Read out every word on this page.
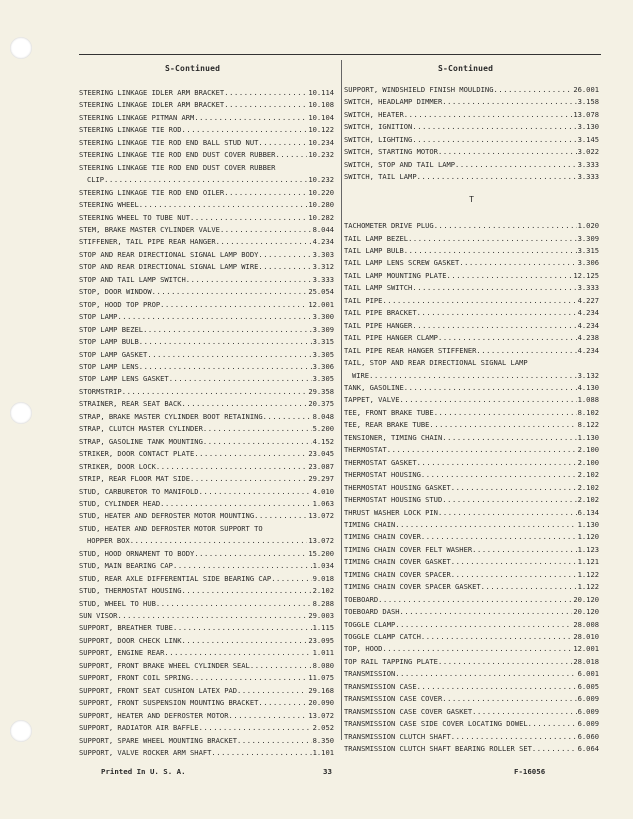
S-Continued	S-Continued
STEERING LINKAGE IDLER ARM BRACKET .....	10.114
STEERING LINKAGE IDLER ARM BRACKET .....	10.108
STEERING LINKAGE PITMAN ARM .....	10.104
STEERING LINKAGE TIE ROD .....	10.122
STEERING LINKAGE TIE ROD END BALL STUD NUT .....	10.234
STEERING LINKAGE TIE ROD END DUST COVER RUBBER .....	10.232
STEERING LINKAGE TIE ROD END DUST COVER RUBBER
CLIP .....	10.232
STEERING LINKAGE TIE ROD END OILER .....	10.220
STEERING WHEEL .....	10.280
STEERING WHEEL TO TUBE NUT .....	10.282
STEM, BRAKE MASTER CYLINDER VALVE .....	8.044
STIFFENER, TAIL PIPE REAR HANGER .....	4.234
STOP AND REAR DIRECTIONAL SIGNAL LAMP BODY .....	3.303
STOP AND REAR DIRECTIONAL SIGNAL LAMP WIRE .....	3.312
STOP AND TAIL LAMP SWITCH .....	3.333
STOP, DOOR WINDOW .....	25.054
STOP, HOOD TOP PROP .....	12.001
STOP LAMP .....	3.300
STOP LAMP BEZEL .....	3.309
STOP LAMP BULB .....	3.315
STOP LAMP GASKET .....	3.305
STOP LAMP LENS .....	3.306
STOP LAMP LENS GASKET .....	3.305
STORMSTRIP .....	29.358
STRAINER, REAR SEAT BACK .....	20.375
STRAP, BRAKE MASTER CYLINDER BOOT RETAINING .....	8.048
STRAP, CLUTCH MASTER CYLINDER .....	5.200
STRAP, GASOLINE TANK MOUNTING .....	4.152
STRIKER, DOOR CONTACT PLATE .....	23.045
STRIKER, DOOR LOCK .....	23.087
STRIP, REAR FLOOR MAT SIDE .....	29.297
STUD, CARBURETOR TO MANIFOLD .....	4.010
STUD, CYLINDER HEAD .....	1.063
STUD, HEATER AND DEFROSTER MOTOR MOUNTING .....	13.072
STUD, HEATER AND DEFROSTER MOTOR SUPPORT TO
HOPPER BOX .....	13.072
STUD, HOOD ORNAMENT TO BODY .....	15.200
STUD, MAIN BEARING CAP .....	1.034
STUD, REAR AXLE DIFFERENTIAL SIDE BEARING CAP .....	9.018
STUD, THERMOSTAT HOUSING .....	2.102
STUD, WHEEL TO HUB .....	8.288
SUN VISOR .....	29.003
SUPPORT, BREATHER TUBE .....	1.115
SUPPORT, DOOR CHECK LINK .....	23.095
SUPPORT, ENGINE REAR .....	1.011
SUPPORT, FRONT BRAKE WHEEL CYLINDER SEAL .....	8.080
SUPPORT, FRONT COIL SPRING .....	11.075
SUPPORT, FRONT SEAT CUSHION LATEX PAD .....	29.168
SUPPORT, FRONT SUSPENSION MOUNTING BRACKET .....	20.090
SUPPORT, HEATER AND DEFROSTER MOTOR .....	13.072
SUPPORT, RADIATOR AIR BAFFLE .....	2.052
SUPPORT, SPARE WHEEL MOUNTING BRACKET .....	8.350
SUPPORT, VALVE ROCKER ARM SHAFT .....	1.101
SUPPORT, WINDSHIELD FINISH MOULDING .....	26.001
SWITCH, HEADLAMP DIMMER .....	3.158
SWITCH, HEATER .....	13.078
SWITCH, IGNITION .....	3.130
SWITCH, LIGHTING .....	3.145
SWITCH, STARTING MOTOR .....	3.022
SWITCH, STOP AND TAIL LAMP .....	3.333
SWITCH, TAIL LAMP .....	3.333
T
TACHOMETER DRIVE PLUG .....	1.020
TAIL LAMP BEZEL .....	3.309
TAIL LAMP BULB .....	3.315
TAIL LAMP LENS SCREW GASKET .....	3.306
TAIL LAMP MOUNTING PLATE .....	12.125
TAIL LAMP SWITCH .....	3.333
TAIL PIPE .....	4.227
TAIL PIPE BRACKET .....	4.234
TAIL PIPE HANGER .....	4.234
TAIL PIPE HANGER CLAMP .....	4.238
TAIL PIPE REAR HANGER STIFFENER .....	4.234
TAIL, STOP AND REAR DIRECTIONAL SIGNAL LAMP
WIRE .....	3.132
TANK, GASOLINE .....	4.130
TAPPET, VALVE .....	1.088
TEE, FRONT BRAKE TUBE .....	8.102
TEE, REAR BRAKE TUBE .....	8.122
TENSIONER, TIMING CHAIN .....	1.130
THERMOSTAT .....	2.100
THERMOSTAT GASKET .....	2.100
THERMOSTAT HOUSING .....	2.102
THERMOSTAT HOUSING GASKET .....	2.102
THERMOSTAT HOUSING STUD .....	2.102
THRUST WASHER LOCK PIN .....	6.134
TIMING CHAIN .....	1.130
TIMING CHAIN COVER .....	1.120
TIMING CHAIN COVER FELT WASHER .....	1.123
TIMING CHAIN COVER GASKET .....	1.121
TIMING CHAIN COVER SPACER .....	1.122
TIMING CHAIN COVER SPACER GASKET .....	1.122
TOEBOARD .....	20.120
TOEBOARD DASH .....	20.120
TOGGLE CLAMP .....	28.008
TOGGLE CLAMP CATCH .....	28.010
TOP, HOOD .....	12.001
TOP RAIL TAPPING PLATE .....	28.018
TRANSMISSION .....	6.001
TRANSMISSION CASE .....	6.005
TRANSMISSION CASE COVER .....	6.009
TRANSMISSION CASE COVER GASKET .....	6.009
TRANSMISSION CASE SIDE COVER LOCATING DOWEL .....	6.009
TRANSMISSION CLUTCH SHAFT .....	6.060
TRANSMISSION CLUTCH SHAFT BEARING ROLLER SET .....	6.064
Printed In U. S. A.	33	F-16056
